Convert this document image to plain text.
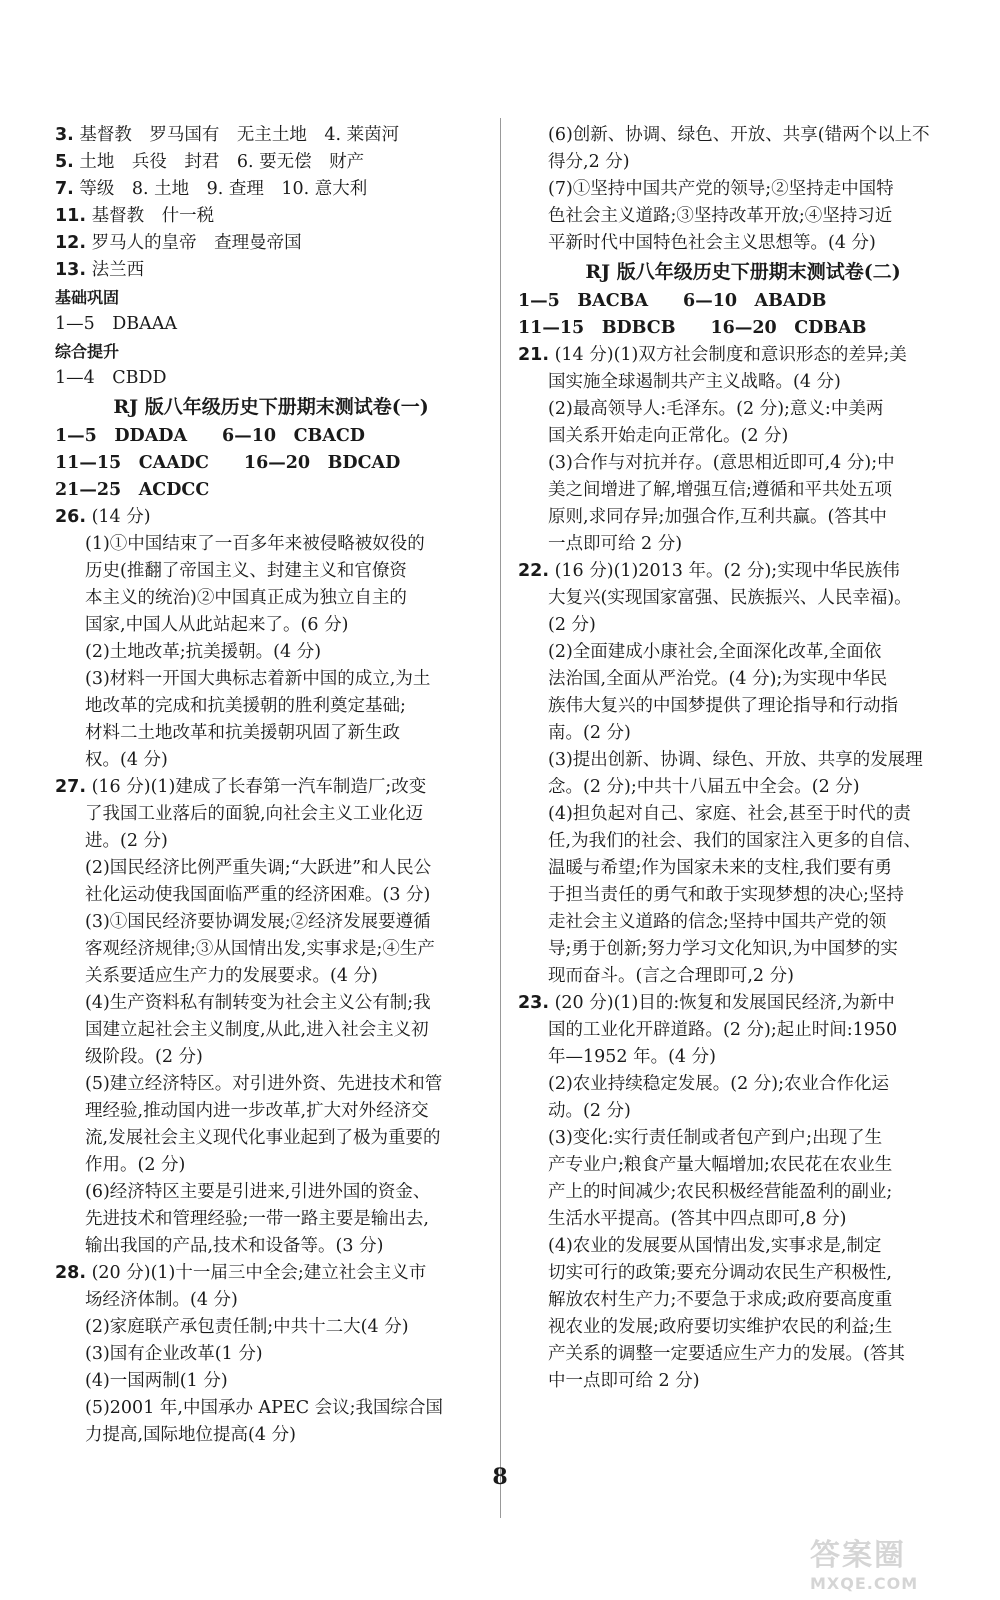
3. 基督教　罗马国有　无主土地　4. 莱茵河
5. 土地　兵役　封君　6. 要无偿　财产
7. 等级　8. 土地　9. 查理　10. 意大利
11. 基督教　什一税
12. 罗马人的皇帝　查理曼帝国
13. 法兰西
基础巩固
1—5　DBAAA
综合提升
1—4　CBDD
RJ 版八年级历史下册期末测试卷(一)
1—5　DDADA　　6—10　CBACD
11—15　CAADC　　16—20　BDCAD
21—25　ACDCC
26. (14 分)
(1)①中国结束了一百多年来被侵略被奴役的
历史(推翻了帝国主义、封建主义和官僚资
本主义的统治)②中国真正成为独立自主的
国家,中国人从此站起来了。(6 分)
(2)土地改革;抗美援朝。(4 分)
(3)材料一开国大典标志着新中国的成立,为土
地改革的完成和抗美援朝的胜利奠定基础;
材料二土地改革和抗美援朝巩固了新生政
权。(4 分)
27. (16 分)(1)建成了长春第一汽车制造厂;改变
了我国工业落后的面貌,向社会主义工业化迈
进。(2 分)
(2)国民经济比例严重失调;“大跃进”和人民公
社化运动使我国面临严重的经济困难。(3 分)
(3)①国民经济要协调发展;②经济发展要遵循
客观经济规律;③从国情出发,实事求是;④生产
关系要适应生产力的发展要求。(4 分)
(4)生产资料私有制转变为社会主义公有制;我
国建立起社会主义制度,从此,进入社会主义初
级阶段。(2 分)
(5)建立经济特区。对引进外资、先进技术和管
理经验,推动国内进一步改革,扩大对外经济交
流,发展社会主义现代化事业起到了极为重要的
作用。(2 分)
(6)经济特区主要是引进来,引进外国的资金、
先进技术和管理经验;一带一路主要是输出去,
输出我国的产品,技术和设备等。(3 分)
28. (20 分)(1)十一届三中全会;建立社会主义市
场经济体制。(4 分)
(2)家庭联产承包责任制;中共十二大(4 分)
(3)国有企业改革(1 分)
(4)一国两制(1 分)
(5)2001 年,中国承办 APEC 会议;我国综合国
力提高,国际地位提高(4 分)
(6)创新、协调、绿色、开放、共享(错两个以上不
得分,2 分)
(7)①坚持中国共产党的领导;②坚持走中国特
色社会主义道路;③坚持改革开放;④坚持习近
平新时代中国特色社会主义思想等。(4 分)
RJ 版八年级历史下册期末测试卷(二)
1—5　BACBA　　6—10　ABADB
11—15　BDBCB　　16—20　CDBAB
21. (14 分)(1)双方社会制度和意识形态的差异;美
国实施全球遏制共产主义战略。(4 分)
(2)最高领导人:毛泽东。(2 分);意义:中美两
国关系开始走向正常化。(2 分)
(3)合作与对抗并存。(意思相近即可,4 分);中
美之间增进了解,增强互信;遵循和平共处五项
原则,求同存异;加强合作,互利共赢。(答其中
一点即可给 2 分)
22. (16 分)(1)2013 年。(2 分);实现中华民族伟
大复兴(实现国家富强、民族振兴、人民幸福)。
(2 分)
(2)全面建成小康社会,全面深化改革,全面依
法治国,全面从严治党。(4 分);为实现中华民
族伟大复兴的中国梦提供了理论指导和行动指
南。(2 分)
(3)提出创新、协调、绿色、开放、共享的发展理
念。(2 分);中共十八届五中全会。(2 分)
(4)担负起对自己、家庭、社会,甚至于时代的责
任,为我们的社会、我们的国家注入更多的自信、
温暖与希望;作为国家未来的支柱,我们要有勇
于担当责任的勇气和敢于实现梦想的决心;坚持
走社会主义道路的信念;坚持中国共产党的领
导;勇于创新;努力学习文化知识,为中国梦的实
现而奋斗。(言之合理即可,2 分)
23. (20 分)(1)目的:恢复和发展国民经济,为新中
国的工业化开辟道路。(2 分);起止时间:1950
年—1952 年。(4 分)
(2)农业持续稳定发展。(2 分);农业合作化运
动。(2 分)
(3)变化:实行责任制或者包产到户;出现了生
产专业户;粮食产量大幅增加;农民花在农业生
产上的时间减少;农民积极经营能盈利的副业;
生活水平提高。(答其中四点即可,8 分)
(4)农业的发展要从国情出发,实事求是,制定
切实可行的政策;要充分调动农民生产积极性,
解放农村生产力;不要急于求成;政府要高度重
视农业的发展;政府要切实维护农民的利益;生
产关系的调整一定要适应生产力的发展。(答其
中一点即可给 2 分)
8
答案圈
MXQE.COM
